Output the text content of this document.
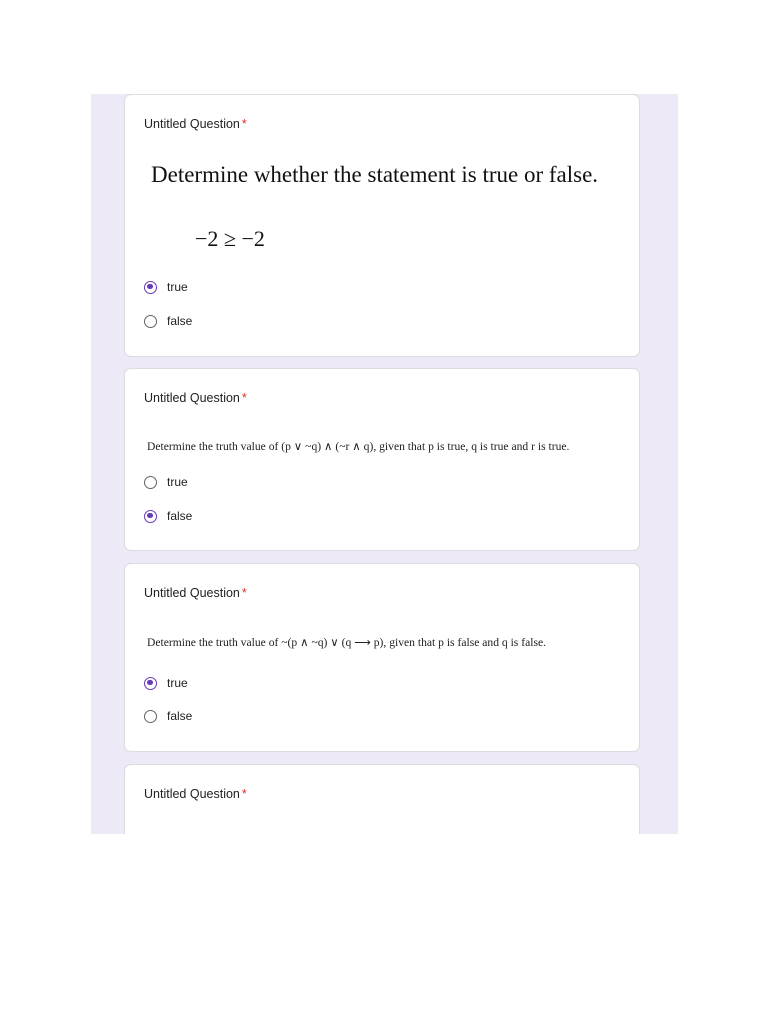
Untitled Question *
Determine whether the statement is true or false.
−2 ≥ −2
true
false
Untitled Question *
Determine the truth value of (p ∨ ~q) ∧ (~r ∧ q), given that p is true, q is true and r is true.
true
false
Untitled Question *
Determine the truth value of ~(p ∧ ~q) ∨ (q ⟶ p), given that p is false and q is false.
true
false
Untitled Question *
